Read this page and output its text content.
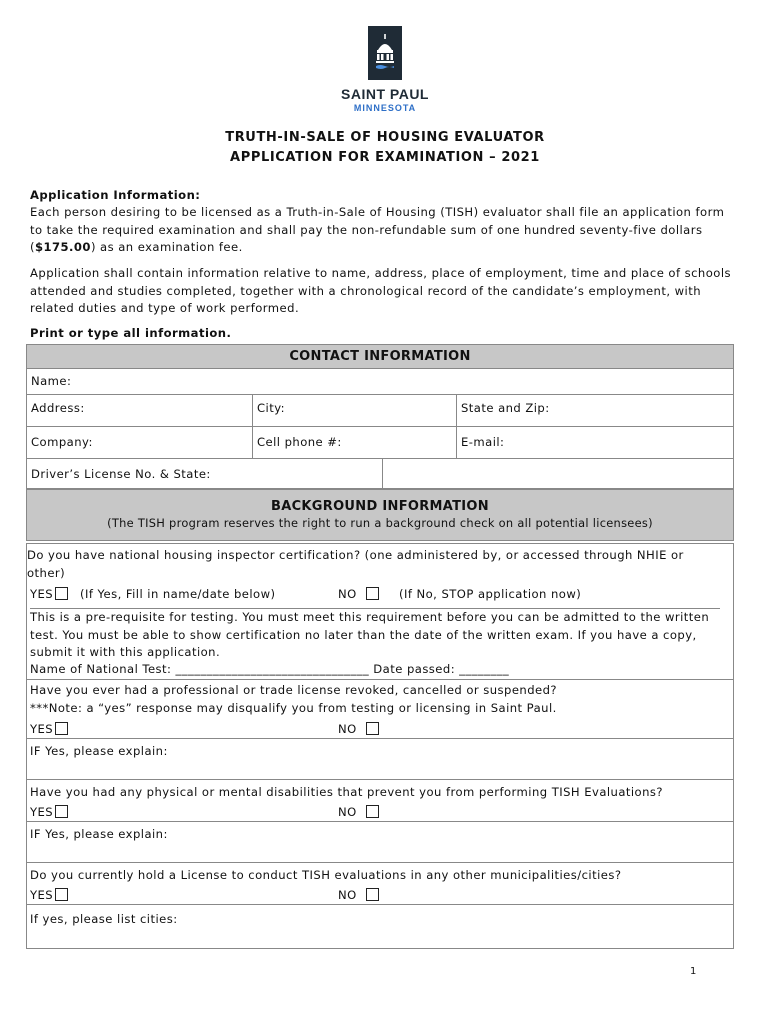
SAINT PAUL
MINNESOTA
TRUTH-IN-SALE OF HOUSING EVALUATOR
APPLICATION FOR EXAMINATION – 2021
Application Information:
Each person desiring to be licensed as a Truth-in-Sale of Housing (TISH) evaluator shall file an application form to take the required examination and shall pay the non-refundable sum of one hundred seventy-five dollars ($175.00) as an examination fee.
Application shall contain information relative to name, address, place of employment, time and place of schools attended and studies completed, together with a chronological record of the candidate’s employment, with related duties and type of work performed.
Print or type all information.
CONTACT INFORMATION
Name:
Address:	City:	State and Zip:
Company:	Cell phone #:	E-mail:
Driver’s License No. & State:
BACKGROUND INFORMATION
(The TISH program reserves the right to run a background check on all potential licensees)
Do you have national housing inspector certification? (one administered by, or accessed through NHIE or other)
YES	(If Yes, Fill in name/date below)	NO	(If No, STOP application now)
This is a pre-requisite for testing. You must meet this requirement before you can be admitted to the written test. You must be able to show certification no later than the date of the written exam. If you have a copy, submit it with this application.
Name of National Test: _______________________________ Date passed: ________
Have you ever had a professional or trade license revoked, cancelled or suspended?
***Note: a “yes” response may disqualify you from testing or licensing in Saint Paul.
YES	NO
IF Yes, please explain:
Have you had any physical or mental disabilities that prevent you from performing TISH Evaluations?
YES	NO
IF Yes, please explain:
Do you currently hold a License to conduct TISH evaluations in any other municipalities/cities?
YES	NO
If yes, please list cities:
1
